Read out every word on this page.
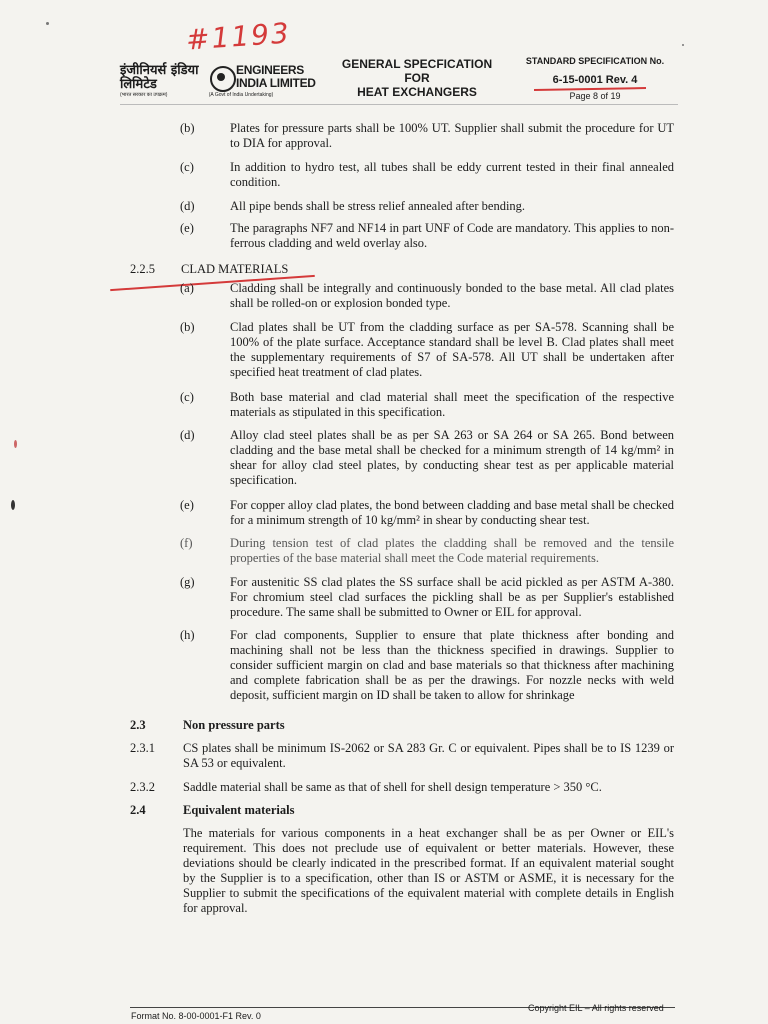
#1193
इंजीनियर्स इंडिया लिमिटेड
ENGINEERS
INDIA LIMITED
(भारत सरकार का उपक्रम)	(A Govt of India Undertaking)
GENERAL SPECFICATION
FOR
HEAT EXCHANGERS
STANDARD SPECIFICATION No.
6-15-0001 Rev. 4
Page 8 of 19
(b)	Plates for pressure parts shall be 100% UT. Supplier shall submit the procedure for UT to DIA for approval.
(c)	In addition to hydro test, all tubes shall be eddy current tested in their final annealed condition.
(d)	All pipe bends shall be stress relief annealed after bending.
(e)	The paragraphs NF7 and NF14 in part UNF of Code are mandatory. This applies to non-ferrous cladding and weld overlay also.
2.2.5 CLAD MATERIALS
(a)	Cladding shall be integrally and continuously bonded to the base metal. All clad plates shall be rolled-on or explosion bonded type.
(b)	Clad plates shall be UT from the cladding surface as per SA-578. Scanning shall be 100% of the plate surface. Acceptance standard shall be level B. Clad plates shall meet the supplementary requirements of S7 of SA-578. All UT shall be undertaken after specified heat treatment of clad plates.
(c)	Both base material and clad material shall meet the specification of the respective materials as stipulated in this specification.
(d)	Alloy clad steel plates shall be as per SA 263 or SA 264 or SA 265. Bond between cladding and the base metal shall be checked for a minimum strength of 14 kg/mm² in shear for alloy clad steel plates, by conducting shear test as per applicable material specification.
(e)	For copper alloy clad plates, the bond between cladding and base metal shall be checked for a minimum strength of 10 kg/mm² in shear by conducting shear test.
(f)	During tension test of clad plates the cladding shall be removed and the tensile properties of the base material shall meet the Code material requirements.
(g)	For austenitic SS clad plates the SS surface shall be acid pickled as per ASTM A-380. For chromium steel clad surfaces the pickling shall be as per Supplier's established procedure. The same shall be submitted to Owner or EIL for approval.
(h)	For clad components, Supplier to ensure that plate thickness after bonding and machining shall not be less than the thickness specified in drawings. Supplier to consider sufficient margin on clad and base materials so that thickness after machining and complete fabrication shall be as per the drawings. For nozzle necks with weld deposit, sufficient margin on ID shall be taken to allow for shrinkage
2.3	Non pressure parts
2.3.1 CS plates shall be minimum IS-2062 or SA 283 Gr. C or equivalent. Pipes shall be to IS 1239 or SA 53 or equivalent.
2.3.2 Saddle material shall be same as that of shell for shell design temperature > 350 °C.
2.4	Equivalent materials
The materials for various components in a heat exchanger shall be as per Owner or EIL's requirement. This does not preclude use of equivalent or better materials. However, these deviations should be clearly indicated in the prescribed format. If an equivalent material sought by the Supplier is to a specification, other than IS or ASTM or ASME, it is necessary for the Supplier to submit the specifications of the equivalent material with complete details in English for approval.
Format No. 8-00-0001-F1 Rev. 0
Copyright EIL – All rights reserved
